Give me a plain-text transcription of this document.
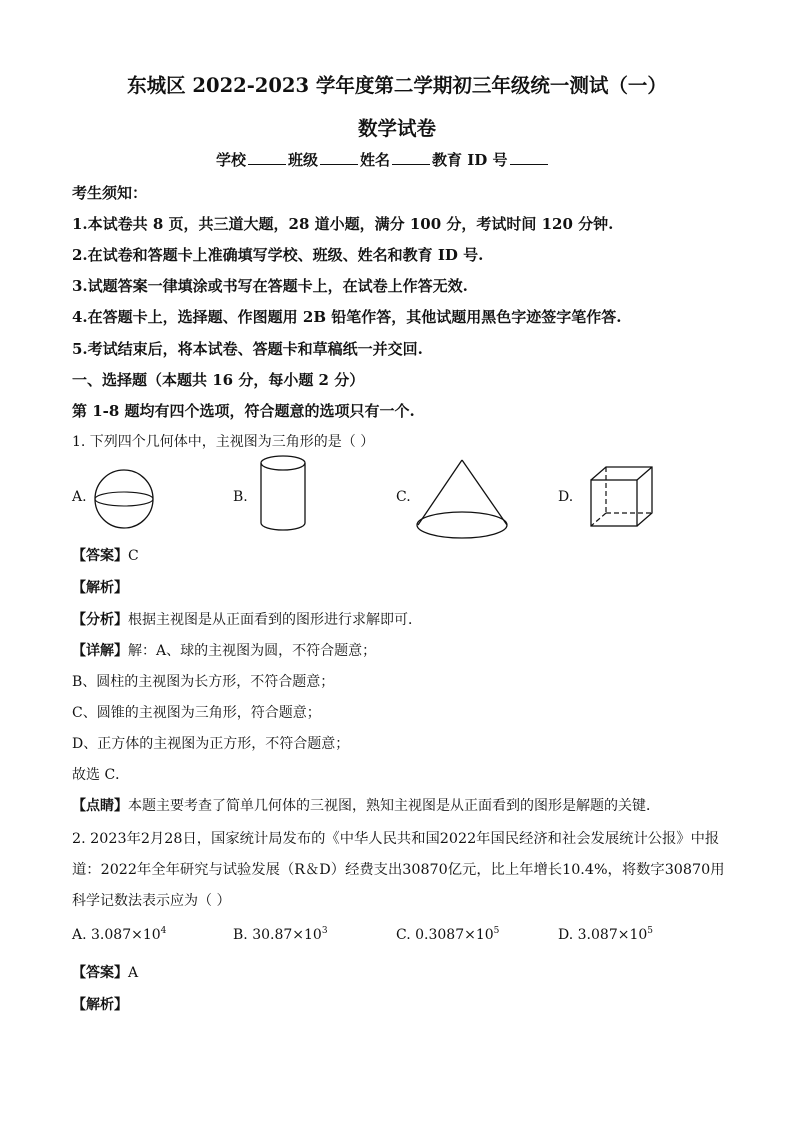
东城区 2022-2023 学年度第二学期初三年级统一测试（一）
数学试卷
学校	班级	姓名	教育 ID 号
考生须知：
1.本试卷共 8 页，共三道大题，28 道小题，满分 100 分，考试时间 120 分钟.
2.在试卷和答题卡上准确填写学校、班级、姓名和教育 ID 号.
3.试题答案一律填涂或书写在答题卡上，在试卷上作答无效.
4.在答题卡上，选择题、作图题用 2B 铅笔作答，其他试题用黑色字迹签字笔作答.
5.考试结束后，将本试卷、答题卡和草稿纸一并交回.
一、选择题（本题共 16 分，每小题 2 分）
第 1-8 题均有四个选项，符合题意的选项只有一个.
1. 下列四个几何体中，主视图为三角形的是（ ）
A.	B.	C.	D.
【答案】C
【解析】
【分析】根据主视图是从正面看到的图形进行求解即可．
【详解】解：A、球的主视图为圆，不符合题意；
B、圆柱的主视图为长方形，不符合题意；
C、圆锥的主视图为三角形，符合题意；
D、正方体的主视图为正方形，不符合题意；
故选 C．
【点睛】本题主要考查了简单几何体的三视图，熟知主视图是从正面看到的图形是解题的关键．
2. 2023年2月28日，国家统计局发布的《中华人民共和国2022年国民经济和社会发展统计公报》中报
道：2022年全年研究与试验发展（R＆D）经费支出30870亿元，比上年增长10.4%，将数字30870用
科学记数法表示应为（ ）
A. $3.087\times 10^4$	B. $30.87\times 10^3$	C. $0.3087\times 10^5$	D. $3.087\times 10^5$
【答案】A
【解析】
